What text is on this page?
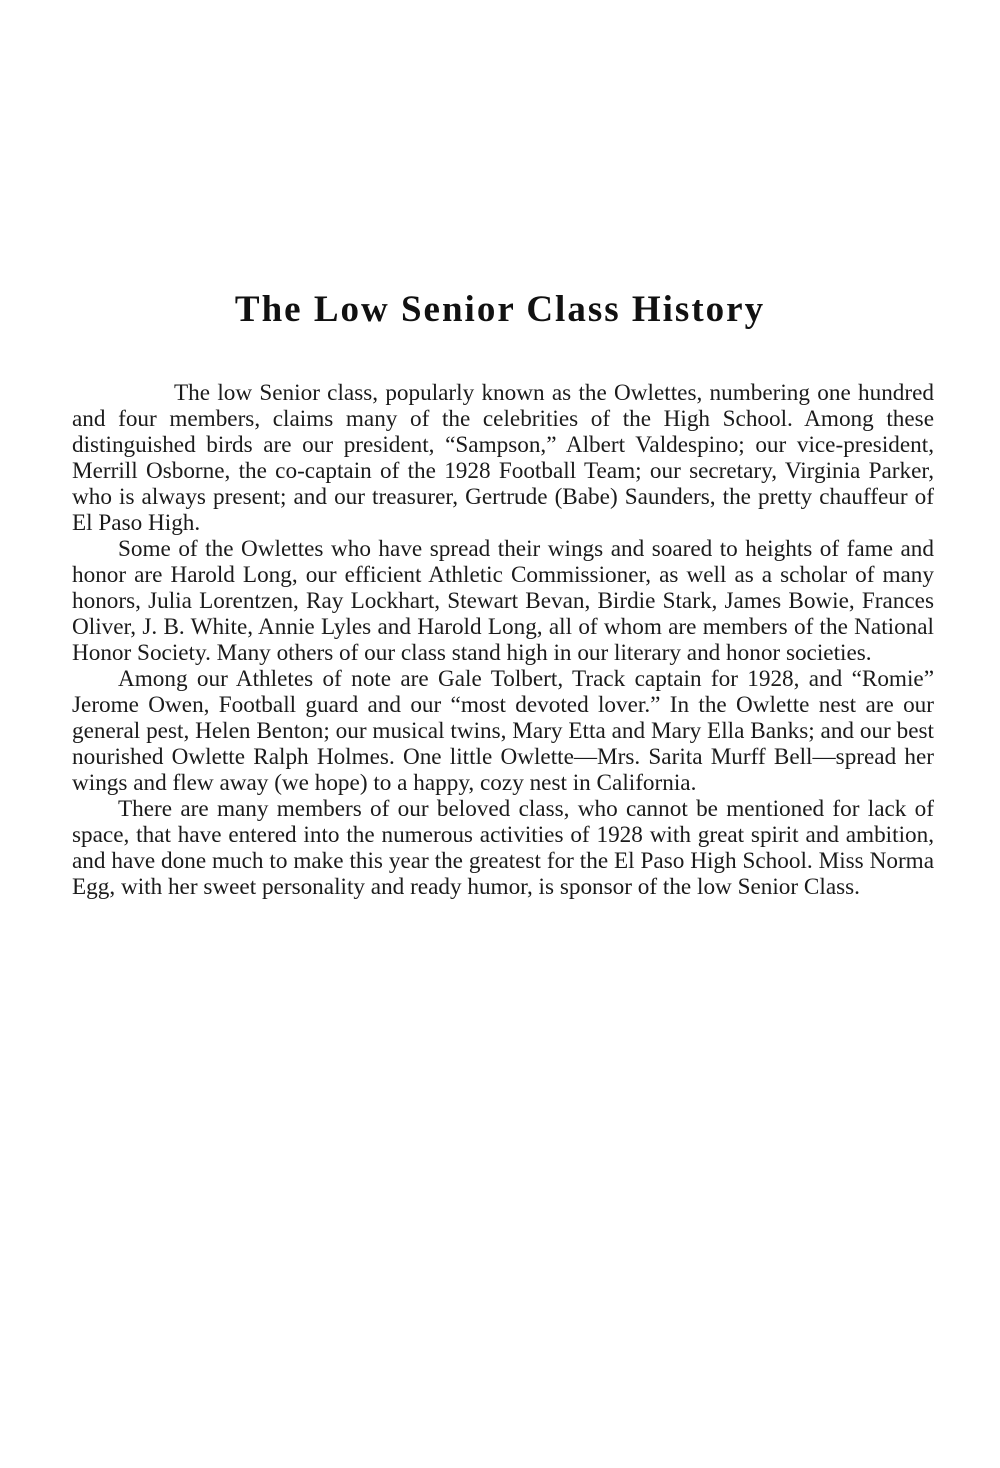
The Low Senior Class History

The low Senior class, popularly known as the Owlettes, numbering one hundred and four members, claims many of the celebrities of the High School. Among these distinguished birds are our president, “Sampson,” Albert Valdespino; our vice-president, Merrill Osborne, the co-captain of the 1928 Football Team; our secretary, Virginia Parker, who is always present; and our treasurer, Gertrude (Babe) Saunders, the pretty chauffeur of El Paso High.

Some of the Owlettes who have spread their wings and soared to heights of fame and honor are Harold Long, our efficient Athletic Commissioner, as well as a scholar of many honors, Julia Lorentzen, Ray Lockhart, Stewart Bevan, Birdie Stark, James Bowie, Frances Oliver, J. B. White, Annie Lyles and Harold Long, all of whom are members of the National Honor Society. Many others of our class stand high in our literary and honor societies.

Among our Athletes of note are Gale Tolbert, Track captain for 1928, and “Romie” Jerome Owen, Football guard and our “most devoted lover.” In the Owlette nest are our general pest, Helen Benton; our musical twins, Mary Etta and Mary Ella Banks; and our best nourished Owlette Ralph Holmes. One little Owlette—Mrs. Sarita Murff Bell—spread her wings and flew away (we hope) to a happy, cozy nest in California.

There are many members of our beloved class, who cannot be mentioned for lack of space, that have entered into the numerous activities of 1928 with great spirit and ambition, and have done much to make this year the greatest for the El Paso High School. Miss Norma Egg, with her sweet personality and ready humor, is sponsor of the low Senior Class.
